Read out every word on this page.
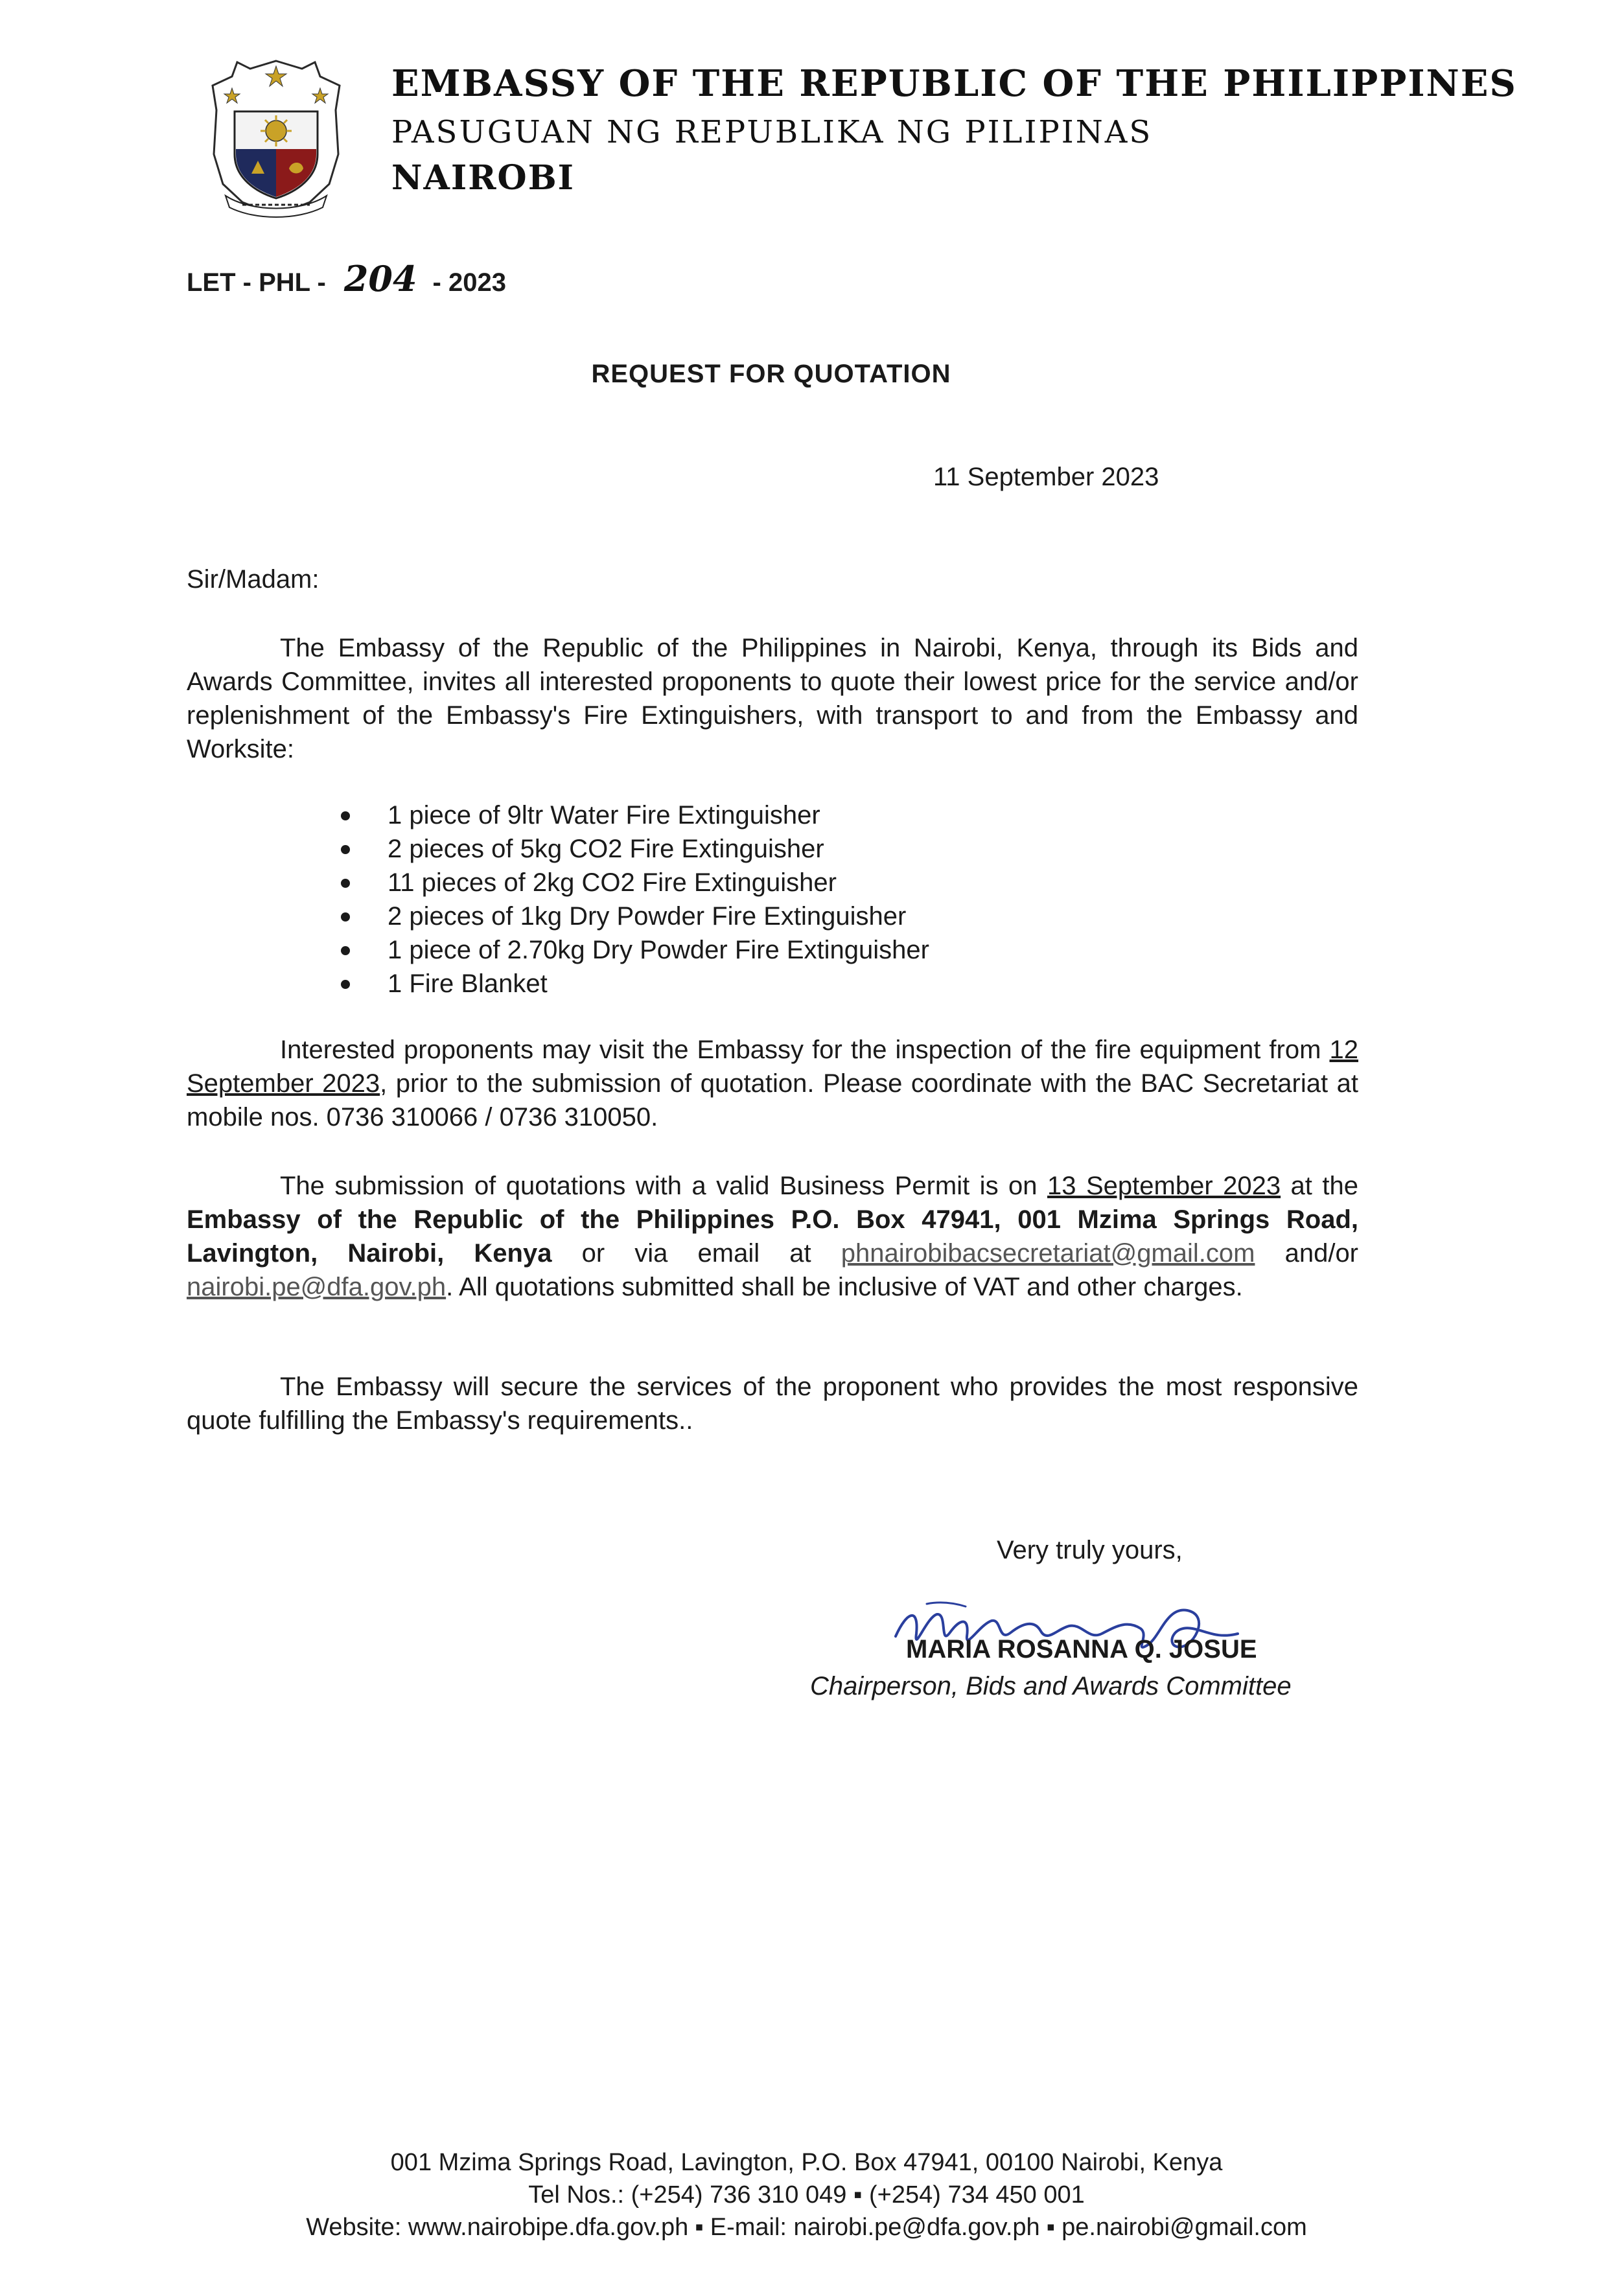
EMBASSY OF THE REPUBLIC OF THE PHILIPPINES
PASUGUAN NG REPUBLIKA NG PILIPINAS
NAIROBI
LET - PHL - 204 - 2023
REQUEST FOR QUOTATION
11 September 2023
Sir/Madam:
The Embassy of the Republic of the Philippines in Nairobi, Kenya, through its Bids and Awards Committee, invites all interested proponents to quote their lowest price for the service and/or replenishment of the Embassy's Fire Extinguishers, with transport to and from the Embassy and Worksite:
1 piece of 9ltr Water Fire Extinguisher
2 pieces of 5kg CO2 Fire Extinguisher
11 pieces of 2kg CO2 Fire Extinguisher
2 pieces of 1kg Dry Powder Fire Extinguisher
1 piece of 2.70kg Dry Powder Fire Extinguisher
1 Fire Blanket
Interested proponents may visit the Embassy for the inspection of the fire equipment from 12 September 2023, prior to the submission of quotation. Please coordinate with the BAC Secretariat at mobile nos. 0736 310066 / 0736 310050.
The submission of quotations with a valid Business Permit is on 13 September 2023 at the Embassy of the Republic of the Philippines P.O. Box 47941, 001 Mzima Springs Road, Lavington, Nairobi, Kenya or via email at phnairobibacsecretariat@gmail.com and/or nairobi.pe@dfa.gov.ph. All quotations submitted shall be inclusive of VAT and other charges.
The Embassy will secure the services of the proponent who provides the most responsive quote fulfilling the Embassy's requirements..
Very truly yours,
MARIA ROSANNA Q. JOSUE
Chairperson, Bids and Awards Committee
001 Mzima Springs Road, Lavington, P.O. Box 47941, 00100 Nairobi, Kenya
Tel Nos.: (+254) 736 310 049 ▪ (+254) 734 450 001
Website: www.nairobipe.dfa.gov.ph ▪ E-mail: nairobi.pe@dfa.gov.ph ▪ pe.nairobi@gmail.com
